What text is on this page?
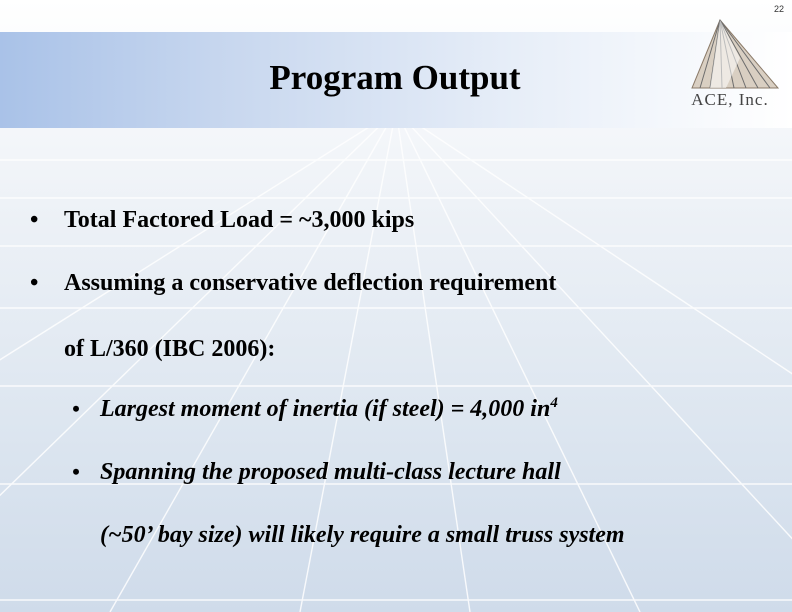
22
Program Output
ACE, Inc.
•	Total Factored Load = ~3,000 kips
•	Assuming a conservative deflection requirement
of L/360 (IBC 2006):
• Largest moment of inertia (if steel) = 4,000 $in^4$
• Spanning the proposed multi-class lecture hall
(~50’ bay size) will likely require a small truss system
